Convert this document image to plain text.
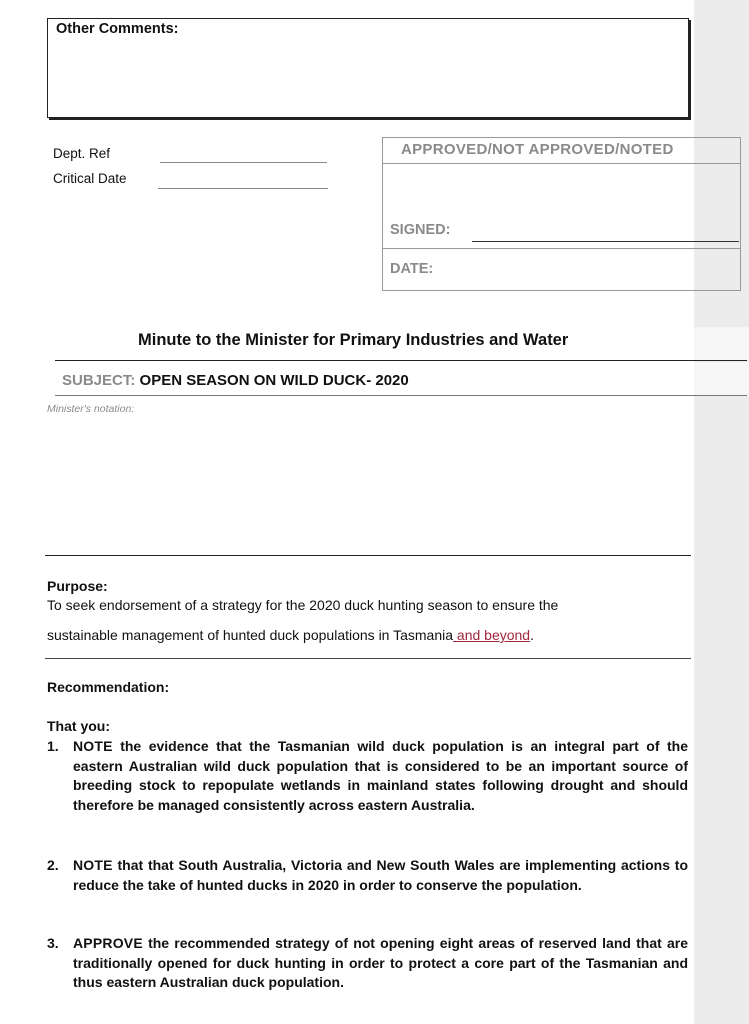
Other Comments:
Dept. Ref
Critical Date
APPROVED/NOT APPROVED/NOTED
SIGNED:
DATE:
Minute to the Minister for Primary Industries and Water
SUBJECT: OPEN SEASON ON WILD DUCK- 2020
Minister's notation:
Purpose:
To seek endorsement of a strategy for the 2020 duck hunting season to ensure the
sustainable management of hunted duck populations in Tasmania and beyond.
Recommendation:
That you:
1.	NOTE the evidence that the Tasmanian wild duck population is an integral part of the eastern Australian wild duck population that is considered to be an important source of breeding stock to repopulate wetlands in mainland states following drought and should therefore be managed consistently across eastern Australia.
2.	NOTE that that South Australia, Victoria and New South Wales are implementing actions to reduce the take of hunted ducks in 2020 in order to conserve the population.
3.	APPROVE the recommended strategy of not opening eight areas of reserved land that are traditionally opened for duck hunting in order to protect a core part of the Tasmanian and thus eastern Australian duck population.
